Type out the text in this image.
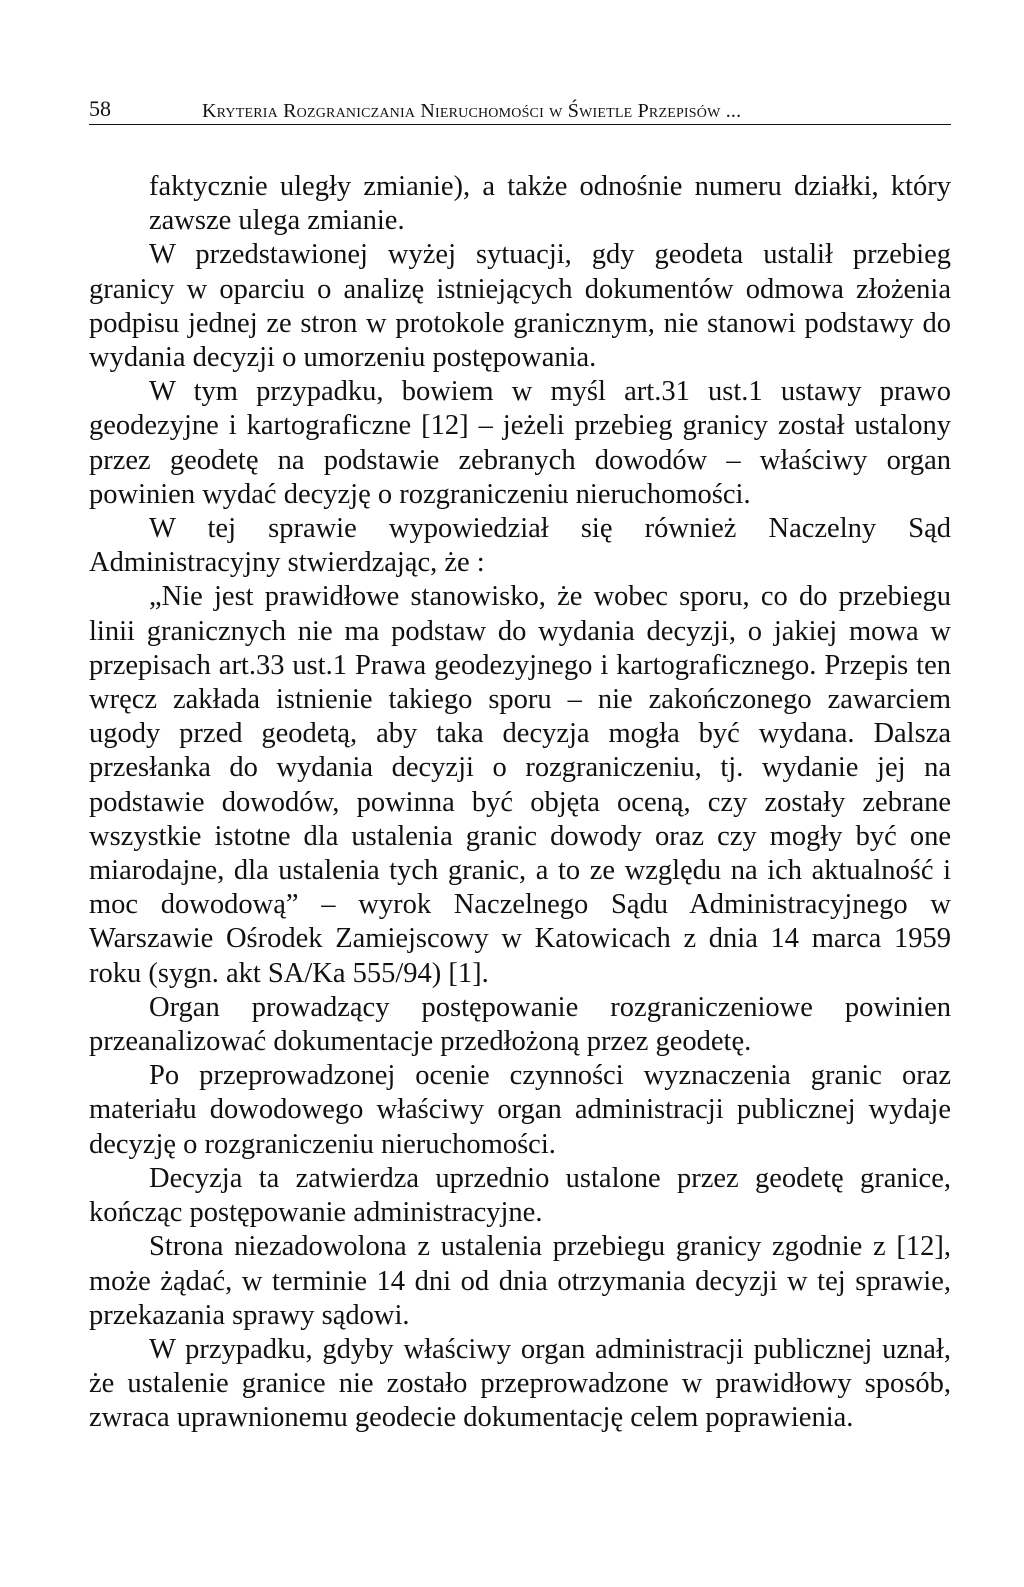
58	Kryteria Rozgraniczania Nieruchomości w Świetle Przepisów ...

faktycznie uległy zmianie), a także odnośnie numeru działki, który zawsze ulega zmianie.

W przedstawionej wyżej sytuacji, gdy geodeta ustalił przebieg granicy w oparciu o analizę istniejących dokumentów odmowa złożenia podpisu jednej ze stron w protokole granicznym, nie stanowi podstawy do wydania decyzji o umorzeniu postępowania.

W tym przypadku, bowiem w myśl art.31 ust.1 ustawy prawo geodezyjne i kartograficzne [12] – jeżeli przebieg granicy został ustalony przez geodetę na podstawie zebranych dowodów – właściwy organ powinien wydać decyzję o rozgraniczeniu nieruchomości.

W tej sprawie wypowiedział się również Naczelny Sąd Administracyjny stwierdzając, że :

„Nie jest prawidłowe stanowisko, że wobec sporu, co do przebiegu linii granicznych nie ma podstaw do wydania decyzji, o jakiej mowa w przepisach art.33 ust.1 Prawa geodezyjnego i kartograficznego. Przepis ten wręcz zakłada istnienie takiego sporu – nie zakończonego zawarciem ugody przed geodetą, aby taka decyzja mogła być wydana. Dalsza przesłanka do wydania decyzji o rozgraniczeniu, tj. wydanie jej na podstawie dowodów, powinna być objęta oceną, czy zostały zebrane wszystkie istotne dla ustalenia granic dowody oraz czy mogły być one miarodajne, dla ustalenia tych granic, a to ze względu na ich aktualność i moc dowodową” – wyrok Naczelnego Sądu Administracyjnego w Warszawie Ośrodek Zamiejscowy w Katowicach z dnia 14 marca 1959 roku (sygn. akt SA/Ka 555/94) [1].

Organ prowadzący postępowanie rozgraniczeniowe powinien przeanalizować dokumentacje przedłożoną przez geodetę.

Po przeprowadzonej ocenie czynności wyznaczenia granic oraz materiału dowodowego właściwy organ administracji publicznej wydaje decyzję o rozgraniczeniu nieruchomości.

Decyzja ta zatwierdza uprzednio ustalone przez geodetę granice, kończąc postępowanie administracyjne.

Strona niezadowolona z ustalenia przebiegu granicy zgodnie z [12], może żądać, w terminie 14 dni od dnia otrzymania decyzji w tej sprawie, przekazania sprawy sądowi.

W przypadku, gdyby właściwy organ administracji publicznej uznał, że ustalenie granice nie zostało przeprowadzone w prawidłowy sposób, zwraca uprawnionemu geodecie dokumentację celem poprawienia.
